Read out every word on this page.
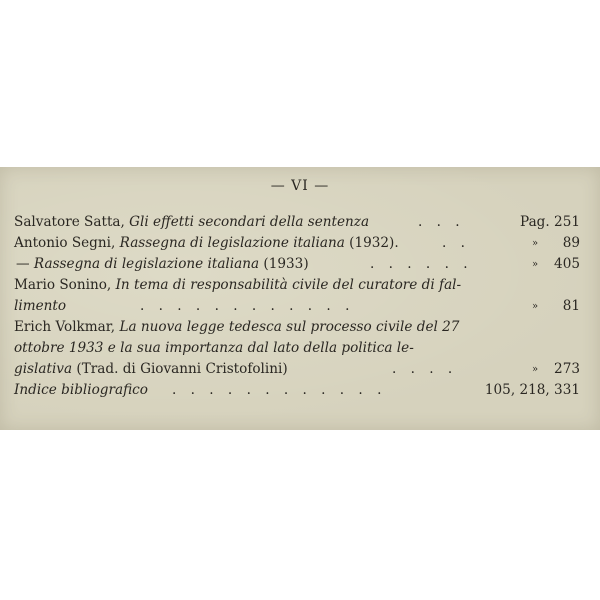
— VI —
Salvatore Satta, Gli effetti secondari della sentenza	. . .	Pag. 251
Antonio Segni, Rassegna di legislazione italiana (1932).	. .	» 89
— Rassegna di legislazione italiana (1933)	. . . . . .	» 405
Mario Sonino, In tema di responsabilità civile del curatore di fal-
limento	. . . . . . . . . . . .	» 81
Erich Volkmar, La nuova legge tedesca sul processo civile del 27
ottobre 1933 e la sua importanza dal lato della politica le-
gislativa (Trad. di Giovanni Cristofolini)	. . . .	» 273
Indice bibliografico . . . . . . . . . . . .	105, 218, 331
